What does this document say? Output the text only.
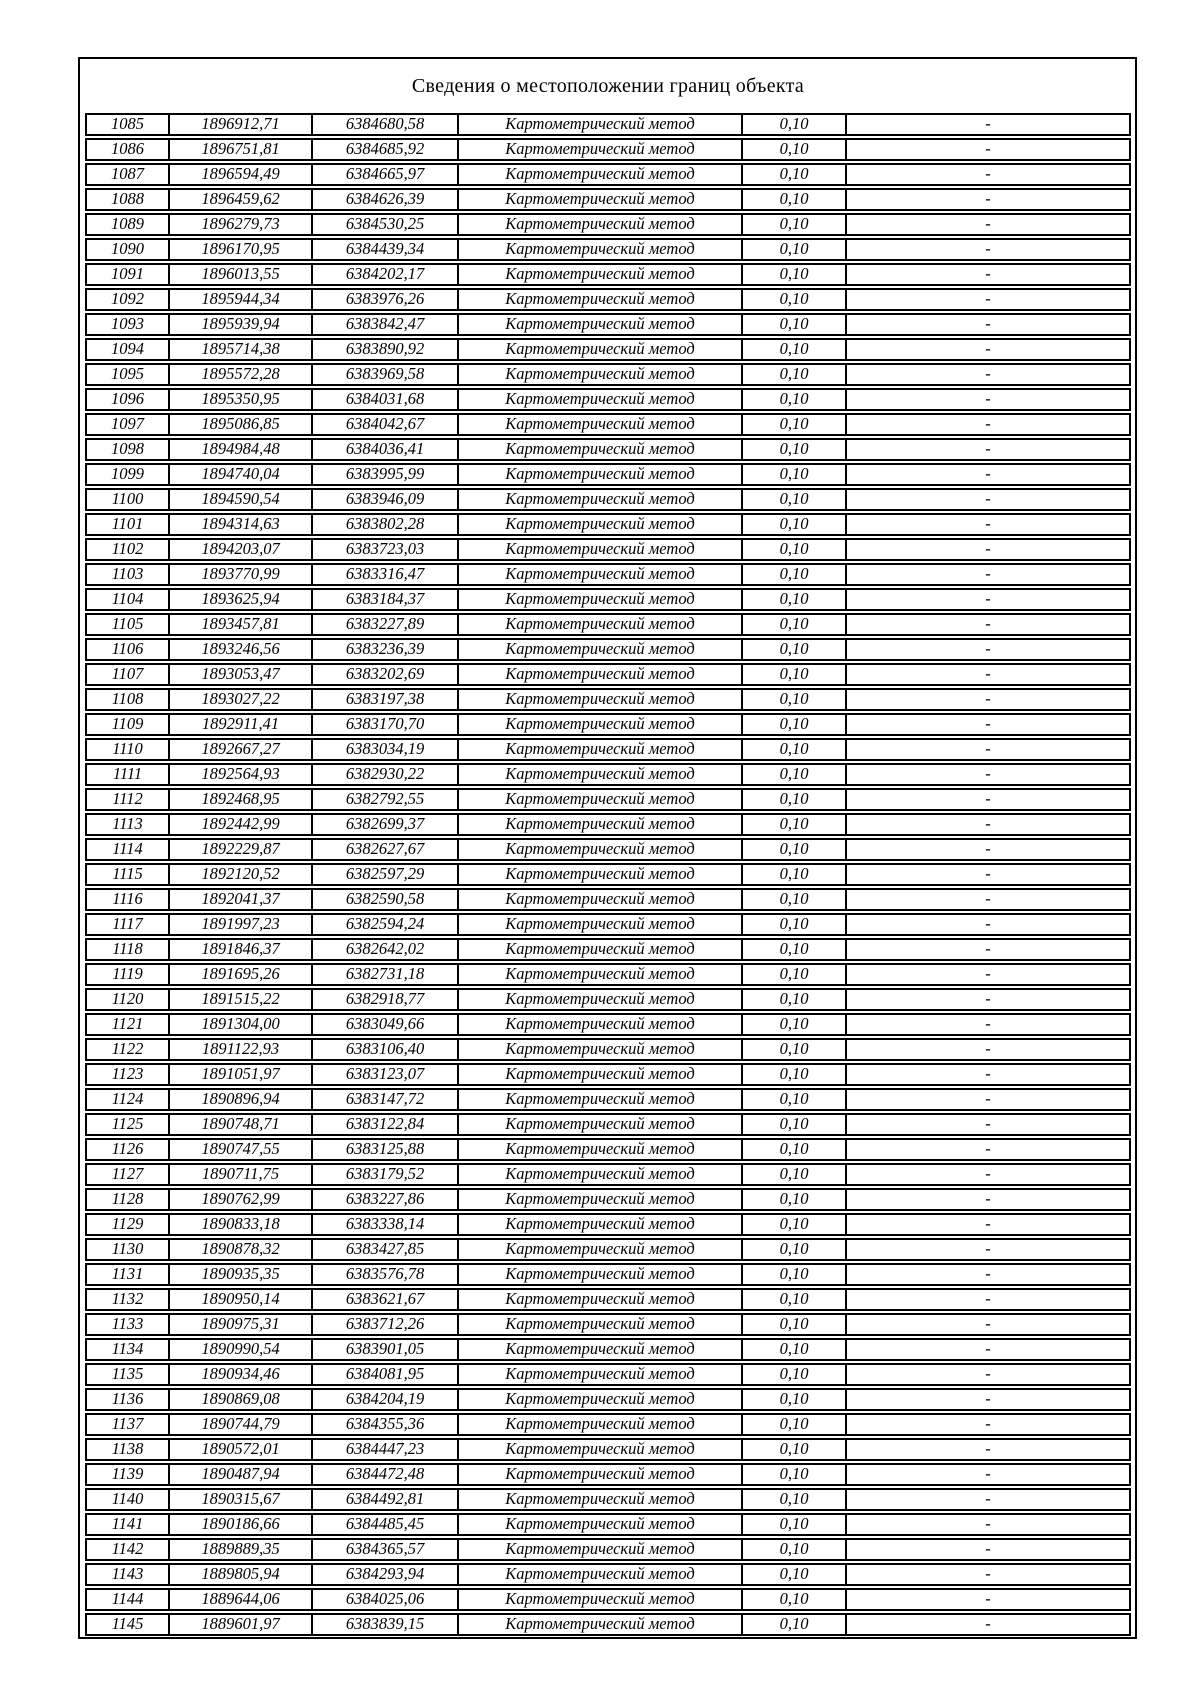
Сведения о местоположении границ объекта
1085	1896912,71	6384680,58	Картометрический метод	0,10	-
1086	1896751,81	6384685,92	Картометрический метод	0,10	-
1087	1896594,49	6384665,97	Картометрический метод	0,10	-
1088	1896459,62	6384626,39	Картометрический метод	0,10	-
1089	1896279,73	6384530,25	Картометрический метод	0,10	-
1090	1896170,95	6384439,34	Картометрический метод	0,10	-
1091	1896013,55	6384202,17	Картометрический метод	0,10	-
1092	1895944,34	6383976,26	Картометрический метод	0,10	-
1093	1895939,94	6383842,47	Картометрический метод	0,10	-
1094	1895714,38	6383890,92	Картометрический метод	0,10	-
1095	1895572,28	6383969,58	Картометрический метод	0,10	-
1096	1895350,95	6384031,68	Картометрический метод	0,10	-
1097	1895086,85	6384042,67	Картометрический метод	0,10	-
1098	1894984,48	6384036,41	Картометрический метод	0,10	-
1099	1894740,04	6383995,99	Картометрический метод	0,10	-
1100	1894590,54	6383946,09	Картометрический метод	0,10	-
1101	1894314,63	6383802,28	Картометрический метод	0,10	-
1102	1894203,07	6383723,03	Картометрический метод	0,10	-
1103	1893770,99	6383316,47	Картометрический метод	0,10	-
1104	1893625,94	6383184,37	Картометрический метод	0,10	-
1105	1893457,81	6383227,89	Картометрический метод	0,10	-
1106	1893246,56	6383236,39	Картометрический метод	0,10	-
1107	1893053,47	6383202,69	Картометрический метод	0,10	-
1108	1893027,22	6383197,38	Картометрический метод	0,10	-
1109	1892911,41	6383170,70	Картометрический метод	0,10	-
1110	1892667,27	6383034,19	Картометрический метод	0,10	-
1111	1892564,93	6382930,22	Картометрический метод	0,10	-
1112	1892468,95	6382792,55	Картометрический метод	0,10	-
1113	1892442,99	6382699,37	Картометрический метод	0,10	-
1114	1892229,87	6382627,67	Картометрический метод	0,10	-
1115	1892120,52	6382597,29	Картометрический метод	0,10	-
1116	1892041,37	6382590,58	Картометрический метод	0,10	-
1117	1891997,23	6382594,24	Картометрический метод	0,10	-
1118	1891846,37	6382642,02	Картометрический метод	0,10	-
1119	1891695,26	6382731,18	Картометрический метод	0,10	-
1120	1891515,22	6382918,77	Картометрический метод	0,10	-
1121	1891304,00	6383049,66	Картометрический метод	0,10	-
1122	1891122,93	6383106,40	Картометрический метод	0,10	-
1123	1891051,97	6383123,07	Картометрический метод	0,10	-
1124	1890896,94	6383147,72	Картометрический метод	0,10	-
1125	1890748,71	6383122,84	Картометрический метод	0,10	-
1126	1890747,55	6383125,88	Картометрический метод	0,10	-
1127	1890711,75	6383179,52	Картометрический метод	0,10	-
1128	1890762,99	6383227,86	Картометрический метод	0,10	-
1129	1890833,18	6383338,14	Картометрический метод	0,10	-
1130	1890878,32	6383427,85	Картометрический метод	0,10	-
1131	1890935,35	6383576,78	Картометрический метод	0,10	-
1132	1890950,14	6383621,67	Картометрический метод	0,10	-
1133	1890975,31	6383712,26	Картометрический метод	0,10	-
1134	1890990,54	6383901,05	Картометрический метод	0,10	-
1135	1890934,46	6384081,95	Картометрический метод	0,10	-
1136	1890869,08	6384204,19	Картометрический метод	0,10	-
1137	1890744,79	6384355,36	Картометрический метод	0,10	-
1138	1890572,01	6384447,23	Картометрический метод	0,10	-
1139	1890487,94	6384472,48	Картометрический метод	0,10	-
1140	1890315,67	6384492,81	Картометрический метод	0,10	-
1141	1890186,66	6384485,45	Картометрический метод	0,10	-
1142	1889889,35	6384365,57	Картометрический метод	0,10	-
1143	1889805,94	6384293,94	Картометрический метод	0,10	-
1144	1889644,06	6384025,06	Картометрический метод	0,10	-
1145	1889601,97	6383839,15	Картометрический метод	0,10	-
